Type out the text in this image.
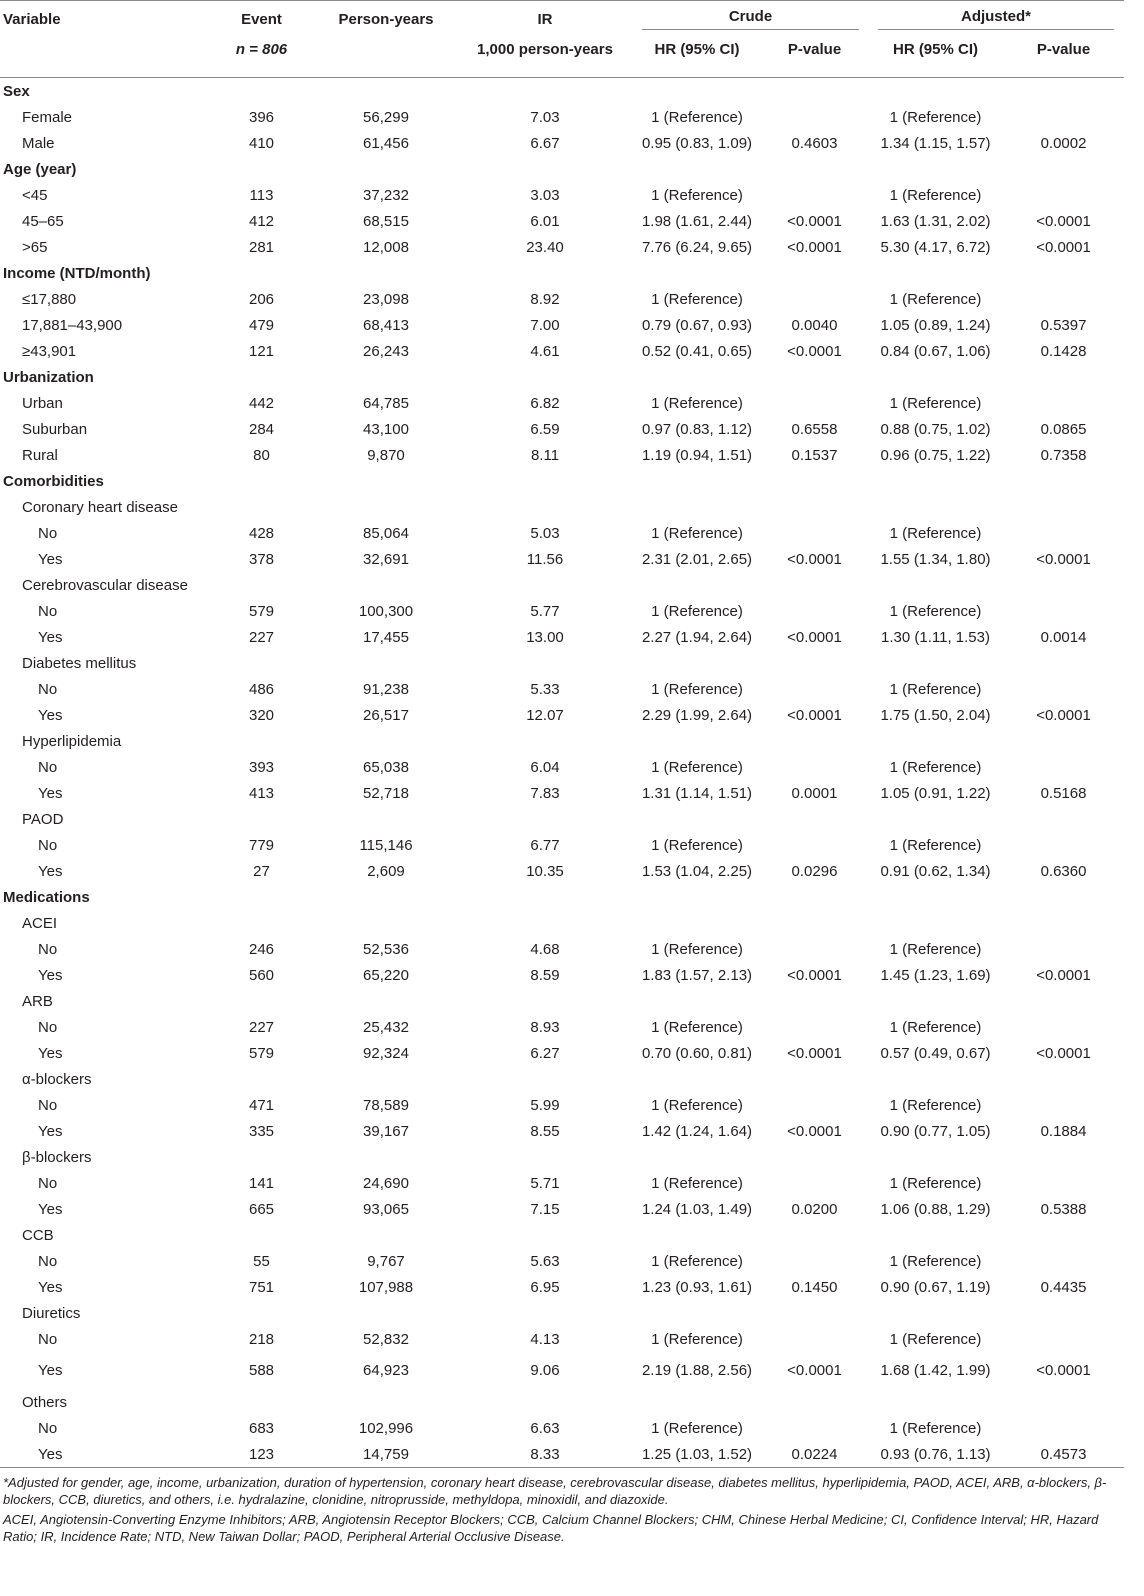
Variable	Event	Person-years	IR	Crude		Adjusted*	
	n = 806		1,000 person-years	HR (95% CI)	P-value	HR (95% CI)	P-value
Sex							
Female	396	56,299	7.03	1 (Reference)		1 (Reference)	
Male	410	61,456	6.67	0.95 (0.83, 1.09)	0.4603	1.34 (1.15, 1.57)	0.0002
Age (year)							
<45	113	37,232	3.03	1 (Reference)		1 (Reference)	
45–65	412	68,515	6.01	1.98 (1.61, 2.44)	<0.0001	1.63 (1.31, 2.02)	<0.0001
>65	281	12,008	23.40	7.76 (6.24, 9.65)	<0.0001	5.30 (4.17, 6.72)	<0.0001
Income (NTD/month)							
≤17,880	206	23,098	8.92	1 (Reference)		1 (Reference)	
17,881–43,900	479	68,413	7.00	0.79 (0.67, 0.93)	0.0040	1.05 (0.89, 1.24)	0.5397
≥43,901	121	26,243	4.61	0.52 (0.41, 0.65)	<0.0001	0.84 (0.67, 1.06)	0.1428
Urbanization							
Urban	442	64,785	6.82	1 (Reference)		1 (Reference)	
Suburban	284	43,100	6.59	0.97 (0.83, 1.12)	0.6558	0.88 (0.75, 1.02)	0.0865
Rural	80	9,870	8.11	1.19 (0.94, 1.51)	0.1537	0.96 (0.75, 1.22)	0.7358
Comorbidities							
Coronary heart disease							
No	428	85,064	5.03	1 (Reference)		1 (Reference)	
Yes	378	32,691	11.56	2.31 (2.01, 2.65)	<0.0001	1.55 (1.34, 1.80)	<0.0001
Cerebrovascular disease							
No	579	100,300	5.77	1 (Reference)		1 (Reference)	
Yes	227	17,455	13.00	2.27 (1.94, 2.64)	<0.0001	1.30 (1.11, 1.53)	0.0014
Diabetes mellitus							
No	486	91,238	5.33	1 (Reference)		1 (Reference)	
Yes	320	26,517	12.07	2.29 (1.99, 2.64)	<0.0001	1.75 (1.50, 2.04)	<0.0001
Hyperlipidemia							
No	393	65,038	6.04	1 (Reference)		1 (Reference)	
Yes	413	52,718	7.83	1.31 (1.14, 1.51)	0.0001	1.05 (0.91, 1.22)	0.5168
PAOD							
No	779	115,146	6.77	1 (Reference)		1 (Reference)	
Yes	27	2,609	10.35	1.53 (1.04, 2.25)	0.0296	0.91 (0.62, 1.34)	0.6360
Medications							
ACEI							
No	246	52,536	4.68	1 (Reference)		1 (Reference)	
Yes	560	65,220	8.59	1.83 (1.57, 2.13)	<0.0001	1.45 (1.23, 1.69)	<0.0001
ARB							
No	227	25,432	8.93	1 (Reference)		1 (Reference)	
Yes	579	92,324	6.27	0.70 (0.60, 0.81)	<0.0001	0.57 (0.49, 0.67)	<0.0001
α-blockers							
No	471	78,589	5.99	1 (Reference)		1 (Reference)	
Yes	335	39,167	8.55	1.42 (1.24, 1.64)	<0.0001	0.90 (0.77, 1.05)	0.1884
β-blockers							
No	141	24,690	5.71	1 (Reference)		1 (Reference)	
Yes	665	93,065	7.15	1.24 (1.03, 1.49)	0.0200	1.06 (0.88, 1.29)	0.5388
CCB							
No	55	9,767	5.63	1 (Reference)		1 (Reference)	
Yes	751	107,988	6.95	1.23 (0.93, 1.61)	0.1450	0.90 (0.67, 1.19)	0.4435
Diuretics							
No	218	52,832	4.13	1 (Reference)		1 (Reference)	
Yes	588	64,923	9.06	2.19 (1.88, 2.56)	<0.0001	1.68 (1.42, 1.99)	<0.0001
Others							
No	683	102,996	6.63	1 (Reference)		1 (Reference)	
Yes	123	14,759	8.33	1.25 (1.03, 1.52)	0.0224	0.93 (0.76, 1.13)	0.4573

*Adjusted for gender, age, income, urbanization, duration of hypertension, coronary heart disease, cerebrovascular disease, diabetes mellitus, hyperlipidemia, PAOD, ACEI, ARB, α-blockers, β-blockers, CCB, diuretics, and others, i.e. hydralazine, clonidine, nitroprusside, methyldopa, minoxidil, and diazoxide.

ACEI, Angiotensin-Converting Enzyme Inhibitors; ARB, Angiotensin Receptor Blockers; CCB, Calcium Channel Blockers; CHM, Chinese Herbal Medicine; CI, Confidence Interval; HR, Hazard Ratio; IR, Incidence Rate; NTD, New Taiwan Dollar; PAOD, Peripheral Arterial Occlusive Disease.
